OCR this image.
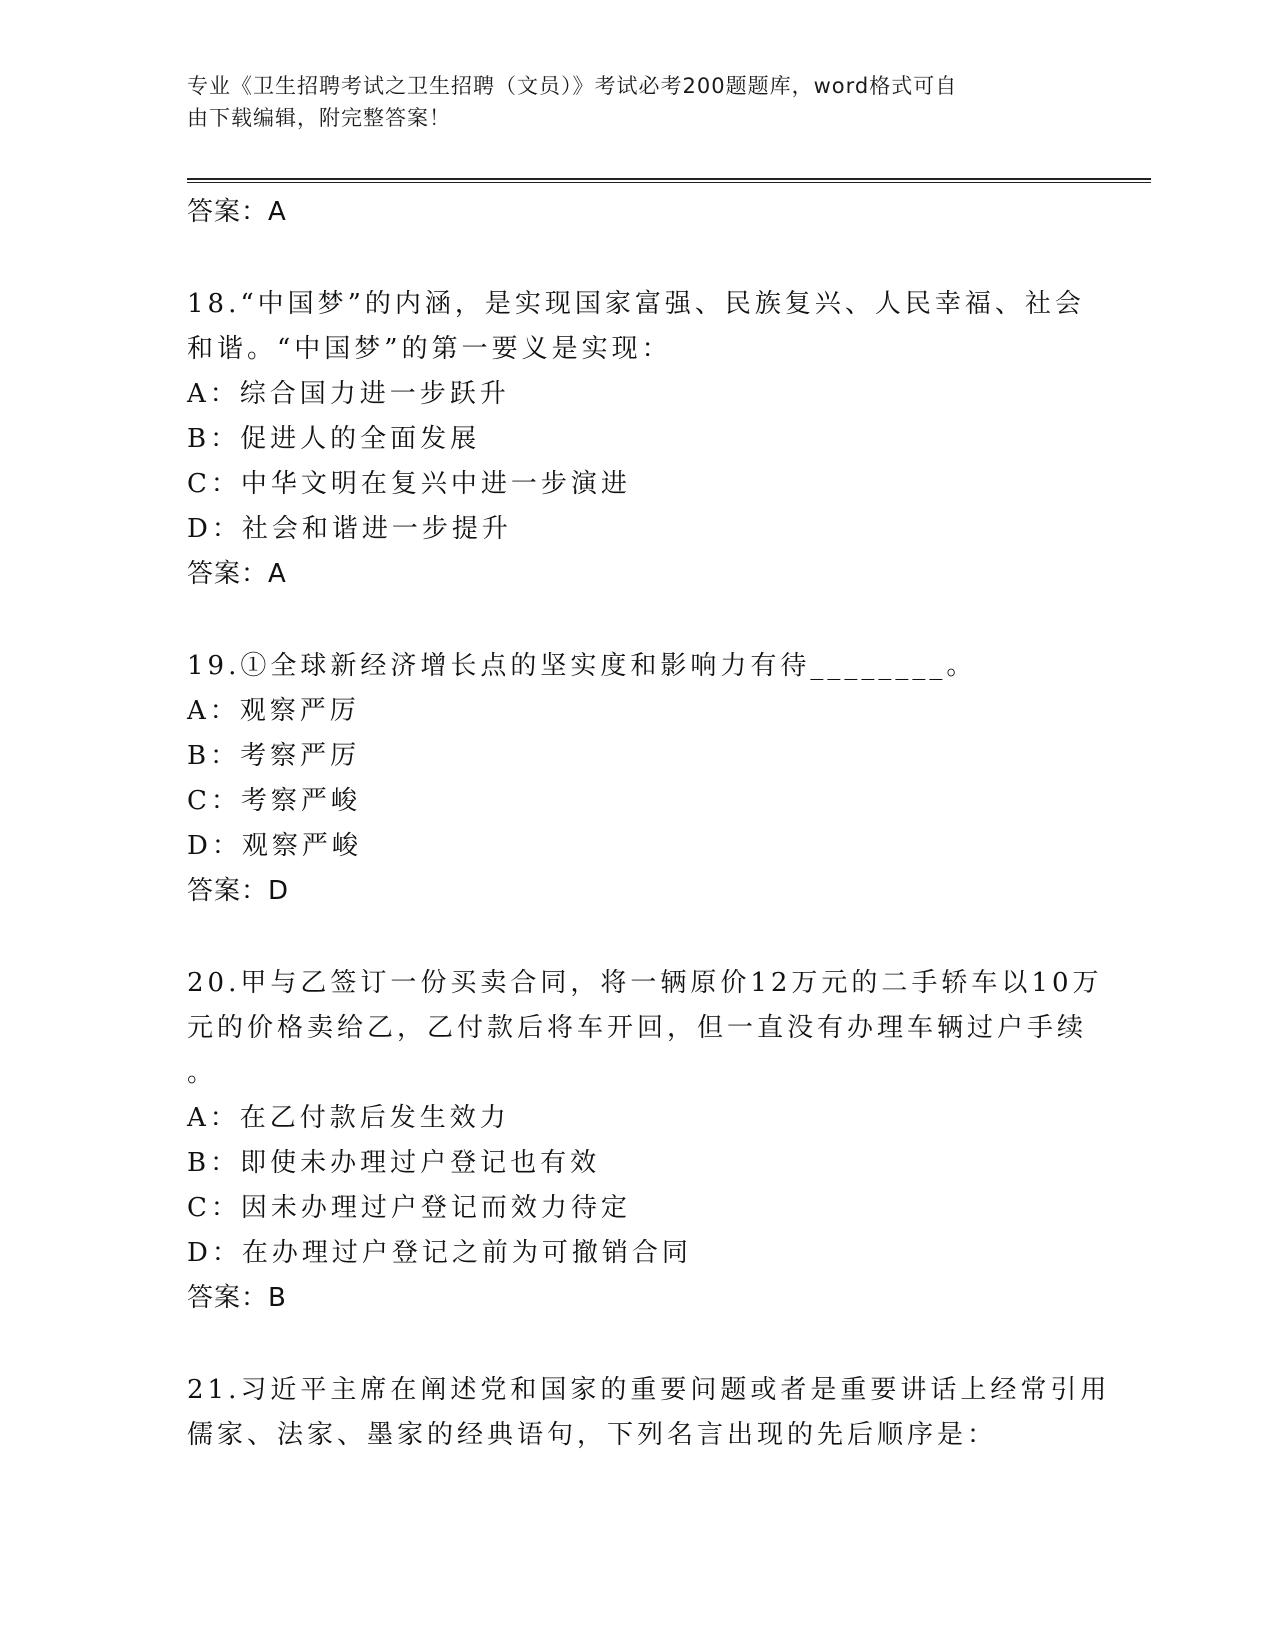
专业《卫生招聘考试之卫生招聘（文员）》考试必考200题题库，word格式可自
由下载编辑，附完整答案！
答案：A
18.“中国梦”的内涵，是实现国家富强、民族复兴、人民幸福、社会
和谐。“中国梦”的第一要义是实现：
A：综合国力进一步跃升
B：促进人的全面发展
C：中华文明在复兴中进一步演进
D：社会和谐进一步提升
答案：A
19.①全球新经济增长点的坚实度和影响力有待________。
A：观察严厉
B：考察严厉
C：考察严峻
D：观察严峻
答案：D
20.甲与乙签订一份买卖合同，将一辆原价12万元的二手轿车以10万
元的价格卖给乙，乙付款后将车开回，但一直没有办理车辆过户手续
。
A：在乙付款后发生效力
B：即使未办理过户登记也有效
C：因未办理过户登记而效力待定
D：在办理过户登记之前为可撤销合同
答案：B
21.习近平主席在阐述党和国家的重要问题或者是重要讲话上经常引用
儒家、法家、墨家的经典语句，下列名言出现的先后顺序是：
